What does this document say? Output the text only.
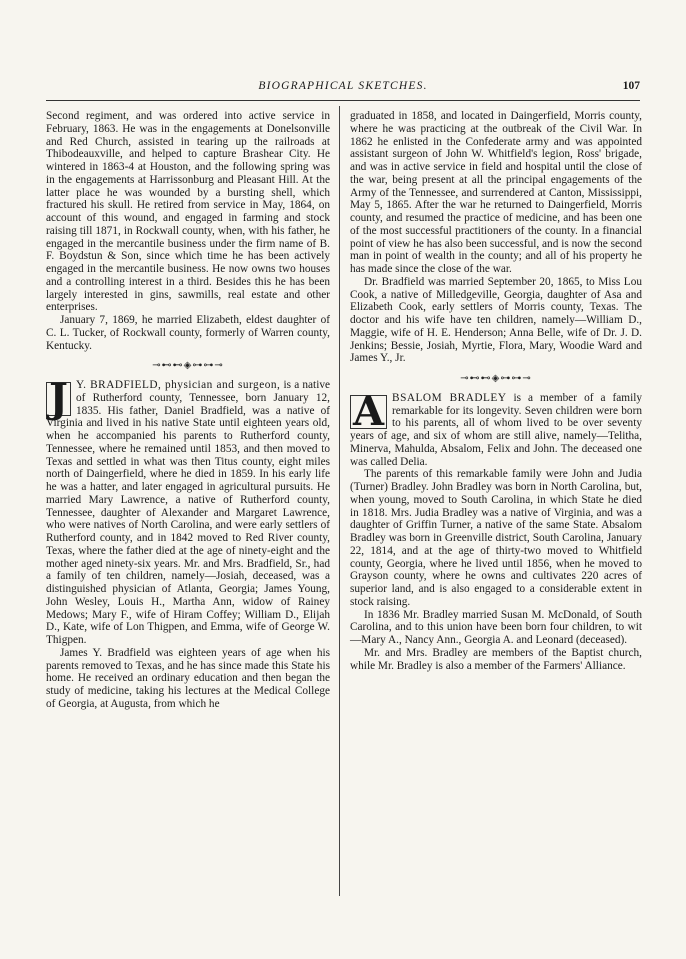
BIOGRAPHICAL SKETCHES.	107

Second regiment, and was ordered into active service in February, 1863. He was in the engagements at Donelsonville and Red Church, assisted in tearing up the railroads at Thibodeauxville, and helped to capture Brashear City. He wintered in 1863-4 at Houston, and the following spring was in the engagements at Harrissonburg and Pleasant Hill. At the latter place he was wounded by a bursting shell, which fractured his skull. He retired from service in May, 1864, on account of this wound, and engaged in farming and stock raising till 1871, in Rockwall county, when, with his father, he engaged in the mercantile business under the firm name of B. F. Boydstun & Son, since which time he has been actively engaged in the mercantile business. He now owns two houses and a controlling interest in a third. Besides this he has been largely interested in gins, sawmills, real estate and other enterprises.

January 7, 1869, he married Elizabeth, eldest daughter of C. L. Tucker, of Rockwall county, formerly of Warren county, Kentucky.

⊸⊷⊷◈⊶⊶⊸

J Y. BRADFIELD, physician and surgeon, is a native of Rutherford county, Tennessee, born January 12, 1835. His father, Daniel Bradfield, was a native of Virginia and lived in his native State until eighteen years old, when he accompanied his parents to Rutherford county, Tennessee, where he remained until 1853, and then moved to Texas and settled in what was then Titus county, eight miles north of Daingerfield, where he died in 1859. In his early life he was a hatter, and later engaged in agricultural pursuits. He married Mary Lawrence, a native of Rutherford county, Tennessee, daughter of Alexander and Margaret Lawrence, who were natives of North Carolina, and were early settlers of Rutherford county, and in 1842 moved to Red River county, Texas, where the father died at the age of ninety-eight and the mother aged ninety-six years. Mr. and Mrs. Bradfield, Sr., had a family of ten children, namely—Josiah, deceased, was a distinguished physician of Atlanta, Georgia; James Young, John Wesley, Louis H., Martha Ann, widow of Rainey Medows; Mary F., wife of Hiram Coffey; William D., Elijah D., Kate, wife of Lon Thigpen, and Emma, wife of George W. Thigpen.

James Y. Bradfield was eighteen years of age when his parents removed to Texas, and he has since made this State his home. He received an ordinary education and then began the study of medicine, taking his lectures at the Medical College of Georgia, at Augusta, from which he

graduated in 1858, and located in Daingerfield, Morris county, where he was practicing at the outbreak of the Civil War. In 1862 he enlisted in the Confederate army and was appointed assistant surgeon of John W. Whitfield's legion, Ross' brigade, and was in active service in field and hospital until the close of the war, being present at all the principal engagements of the Army of the Tennessee, and surrendered at Canton, Mississippi, May 5, 1865. After the war he returned to Daingerfield, Morris county, and resumed the practice of medicine, and has been one of the most successful practitioners of the county. In a financial point of view he has also been successful, and is now the second man in point of wealth in the county; and all of his property he has made since the close of the war.

Dr. Bradfield was married September 20, 1865, to Miss Lou Cook, a native of Milledgeville, Georgia, daughter of Asa and Elizabeth Cook, early settlers of Morris county, Texas. The doctor and his wife have ten children, namely—William D., Maggie, wife of H. E. Henderson; Anna Belle, wife of Dr. J. D. Jenkins; Bessie, Josiah, Myrtie, Flora, Mary, Woodie Ward and James Y., Jr.

⊸⊷⊷◈⊶⊶⊸

A BSALOM BRADLEY is a member of a family remarkable for its longevity. Seven children were born to his parents, all of whom lived to be over seventy years of age, and six of whom are still alive, namely—Telitha, Minerva, Mahulda, Absalom, Felix and John. The deceased one was called Delia.

The parents of this remarkable family were John and Judia (Turner) Bradley. John Bradley was born in North Carolina, but, when young, moved to South Carolina, in which State he died in 1818. Mrs. Judia Bradley was a native of Virginia, and was a daughter of Griffin Turner, a native of the same State. Absalom Bradley was born in Greenville district, South Carolina, January 22, 1814, and at the age of thirty-two moved to Whitfield county, Georgia, where he lived until 1856, when he moved to Grayson county, where he owns and cultivates 220 acres of superior land, and is also engaged to a considerable extent in stock raising.

In 1836 Mr. Bradley married Susan M. McDonald, of South Carolina, and to this union have been born four children, to wit—Mary A., Nancy Ann., Georgia A. and Leonard (deceased).

Mr. and Mrs. Bradley are members of the Baptist church, while Mr. Bradley is also a member of the Farmers' Alliance.
